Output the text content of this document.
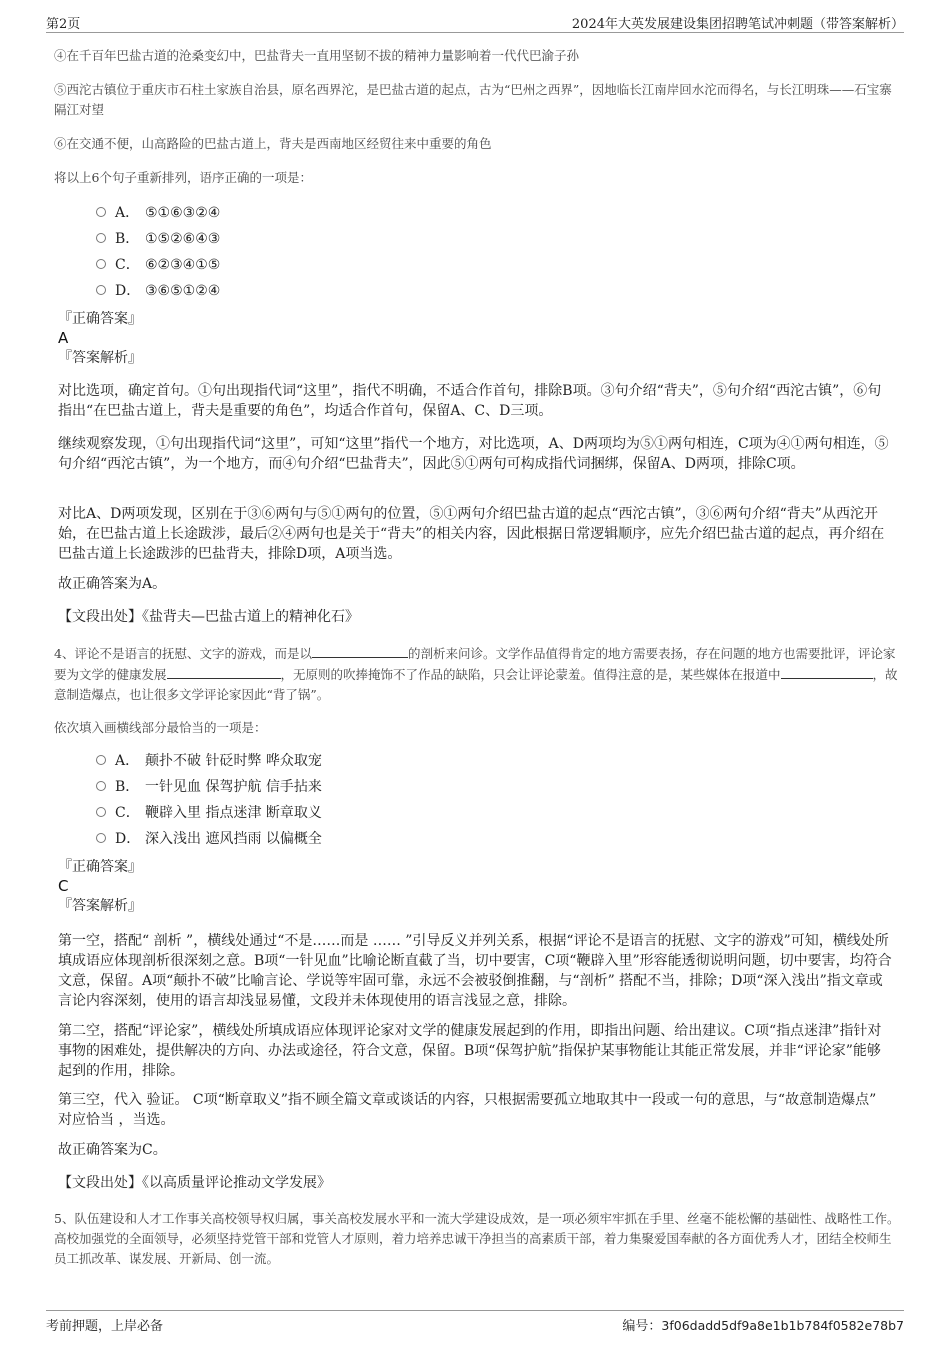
第2页	2024年大英发展建设集团招聘笔试冲刺题（带答案解析）
④在千百年巴盐古道的沧桑变幻中，巴盐背夫一直用坚韧不拔的精神力量影响着一代代巴渝子孙
⑤西沱古镇位于重庆市石柱土家族自治县，原名西界沱，是巴盐古道的起点，古为“巴州之西界”，因地临长江南岸回水沱而得名，与长江明珠——石宝寨隔江对望
⑥在交通不便，山高路险的巴盐古道上，背夫是西南地区经贸往来中重要的角色
将以上6个句子重新排列，语序正确的一项是：
A． ⑤①⑥③②④
B． ①⑤②⑥④③
C． ⑥②③④①⑤
D． ③⑥⑤①②④
『正确答案』
A
『答案解析』
对比选项，确定首句。①句出现指代词“这里”，指代不明确，不适合作首句，排除B项。③句介绍“背夫”，⑤句介绍“西沱古镇”，⑥句指出“在巴盐古道上，背夫是重要的角色”，均适合作首句，保留A、C、D三项。
继续观察发现，①句出现指代词“这里”，可知“这里”指代一个地方，对比选项，A、D两项均为⑤①两句相连，C项为④①两句相连，⑤句介绍“西沱古镇”，为一个地方，而④句介绍“巴盐背夫”，因此⑤①两句可构成指代词捆绑，保留A、D两项，排除C项。
对比A、D两项发现，区别在于③⑥两句与⑤①两句的位置，⑤①两句介绍巴盐古道的起点“西沱古镇”，③⑥两句介绍“背夫”从西沱开始，在巴盐古道上长途跋涉，最后②④两句也是关于“背夫”的相关内容，因此根据日常逻辑顺序，应先介绍巴盐古道的起点，再介绍在巴盐古道上长途跋涉的巴盐背夫，排除D项，A项当选。
故正确答案为A。
【文段出处】《盐背夫—巴盐古道上的精神化石》
4、评论不是语言的抚慰、文字的游戏，而是以	的剖析来问诊。文学作品值得肯定的地方需要表扬，存在问题的地方也需要批评，评论家要为文学的健康发展	，无原则的吹捧掩饰不了作品的缺陷，只会让评论蒙羞。值得注意的是，某些媒体在报道中	，故意制造爆点，也让很多文学评论家因此“背了锅”。
依次填入画横线部分最恰当的一项是：
A． 颠扑不破 针砭时弊 哗众取宠
B． 一针见血 保驾护航 信手拈来
C． 鞭辟入里 指点迷津 断章取义
D． 深入浅出 遮风挡雨 以偏概全
『正确答案』
C
『答案解析』
第一空，搭配“ 剖析 ”，横线处通过“不是……而是 …… ”引导反义并列关系，根据“评论不是语言的抚慰、文字的游戏”可知，横线处所填成语应体现剖析很深刻之意。B项“一针见血”比喻论断直截了当，切中要害，C项“鞭辟入里”形容能透彻说明问题，切中要害，均符合文意，保留。A项“颠扑不破”比喻言论、学说等牢固可靠，永远不会被驳倒推翻，与“剖析” 搭配不当，排除；D项“深入浅出”指文章或言论内容深刻，使用的语言却浅显易懂，文段并未体现使用的语言浅显之意，排除。
第二空，搭配“评论家”，横线处所填成语应体现评论家对文学的健康发展起到的作用，即指出问题、给出建议。C项“指点迷津”指针对事物的困难处，提供解决的方向、办法或途径，符合文意，保留。B项“保驾护航”指保护某事物能让其能正常发展，并非“评论家”能够起到的作用，排除。
第三空，代入 验证。 C项“断章取义”指不顾全篇文章或谈话的内容，只根据需要孤立地取其中一段或一句的意思，与“故意制造爆点” 对应恰当 ，当选。
故正确答案为C。
【文段出处】《以高质量评论推动文学发展》
5、队伍建设和人才工作事关高校领导权归属，事关高校发展水平和一流大学建设成效，是一项必须牢牢抓在手里、丝毫不能松懈的基础性、战略性工作。高校加强党的全面领导，必须坚持党管干部和党管人才原则，着力培养忠诚干净担当的高素质干部，着力集聚爱国奉献的各方面优秀人才，团结全校师生员工抓改革、谋发展、开新局、创一流。
考前押题，上岸必备	编号：3f06dadd5df9a8e1b1b784f0582e78b7
